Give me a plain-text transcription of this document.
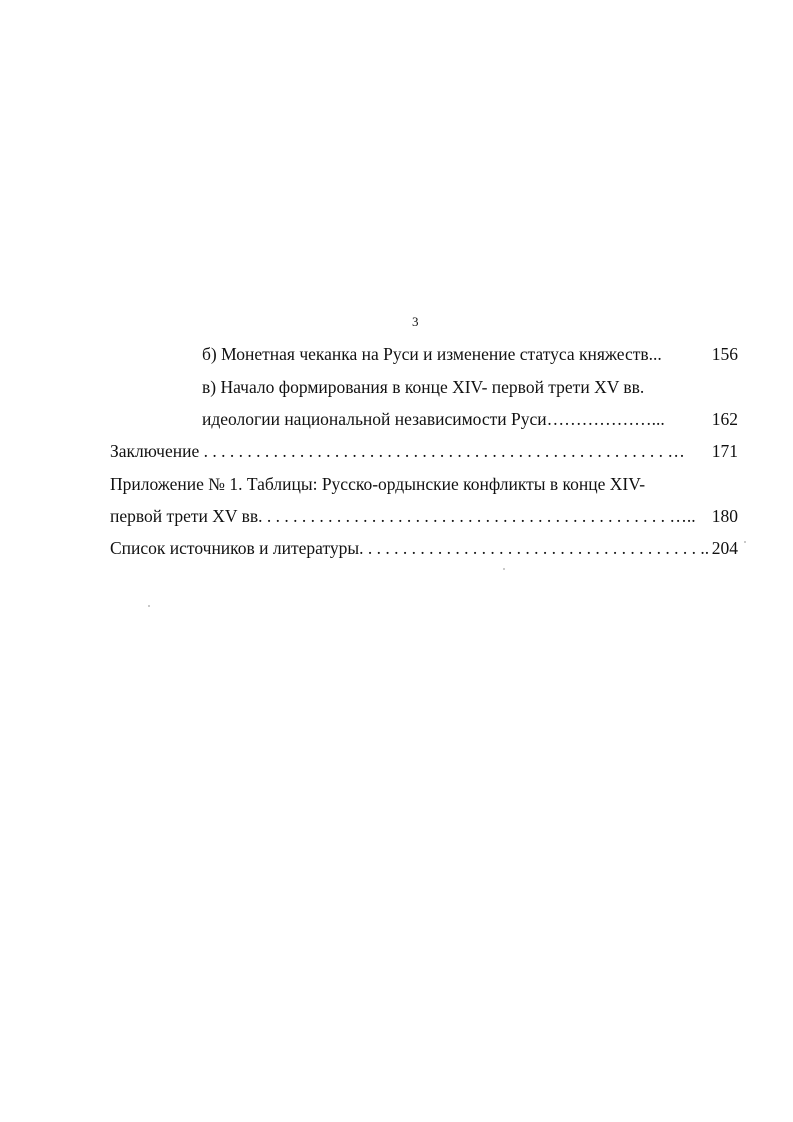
3
б) Монетная чеканка на Руси и изменение статуса княжеств...	156
в) Начало формирования в конце XIV- первой трети XV вв.
идеологии национальной независимости Руси………………...	162
Заключение . . . . . . . . . . . . . . . . . . . . . . . . . . . . . . . . . . . . . . . . . . . . . . . . . . . . . … 171
Приложение № 1. Таблицы: Русско-ордынские конфликты в конце XIV-
первой трети XV вв. . . . . . . . . . . . . . . . . . . . . . . . . . . . . . . . . . . . . . . . . . . . . . . ….. 180
Список источников и литературы. . . . . . . . . . . . . . . . . . . . . . . . . . . . . . . . . . . . . . . .. 204
